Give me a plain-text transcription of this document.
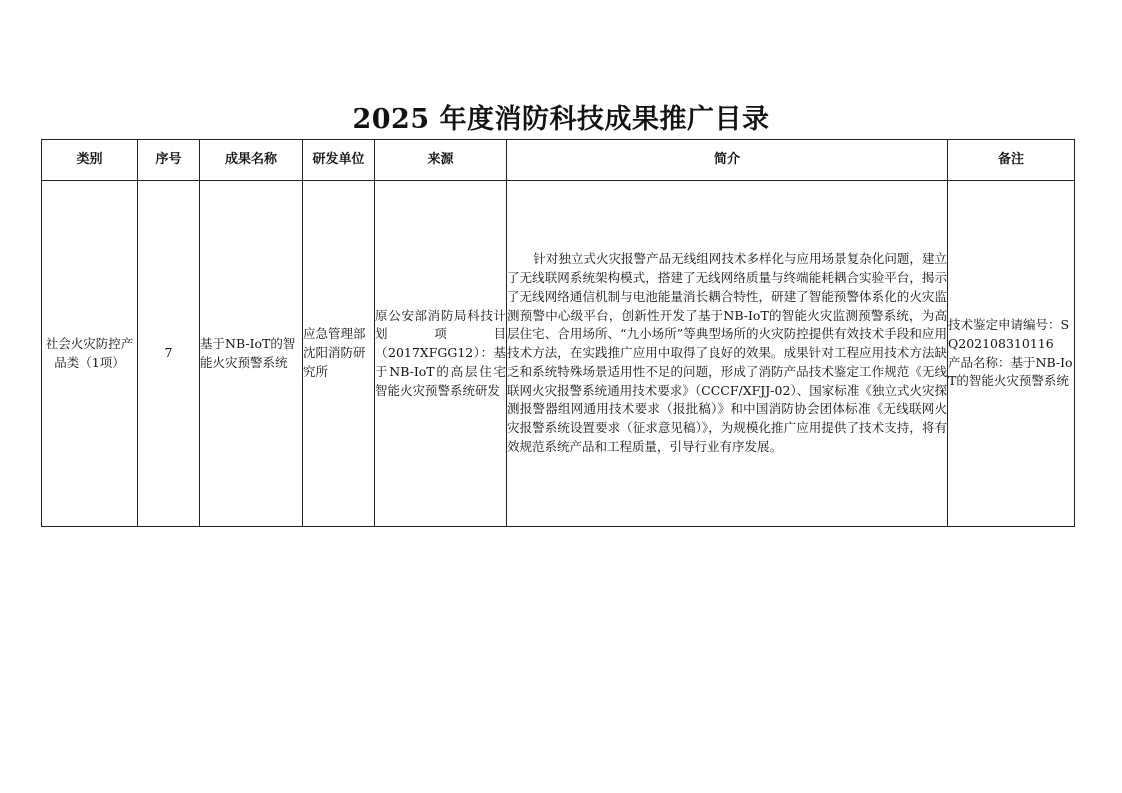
2025 年度消防科技成果推广目录
类别	序号	成果名称	研发单位	来源	简介	备注
社会火灾防控产品类（1项）	7	基于NB-IoT的智能火灾预警系统	应急管理部沈阳消防研究所	原公安部消防局科技计划项目（2017XFGG12）：基于NB-IoT的高层住宅智能火灾预警系统研发	针对独立式火灾报警产品无线组网技术多样化与应用场景复杂化问题，建立了无线联网系统架构模式，搭建了无线网络质量与终端能耗耦合实验平台，揭示了无线网络通信机制与电池能量消长耦合特性，研建了智能预警体系化的火灾监测预警中心级平台，创新性开发了基于NB-IoT的智能火灾监测预警系统，为高层住宅、合用场所、“九小场所”等典型场所的火灾防控提供有效技术手段和应用技术方法，在实践推广应用中取得了良好的效果。成果针对工程应用技术方法缺乏和系统特殊场景适用性不足的问题，形成了消防产品技术鉴定工作规范《无线联网火灾报警系统通用技术要求》（CCCF/XFJJ-02）、国家标准《独立式火灾探测报警器组网通用技术要求（报批稿）》和中国消防协会团体标准《无线联网火灾报警系统设置要求（征求意见稿）》，为规模化推广应用提供了技术支持，将有效规范系统产品和工程质量，引导行业有序发展。	技术鉴定申请编号：SQ202108310116
产品名称：基于NB-IoT的智能火灾预警系统
